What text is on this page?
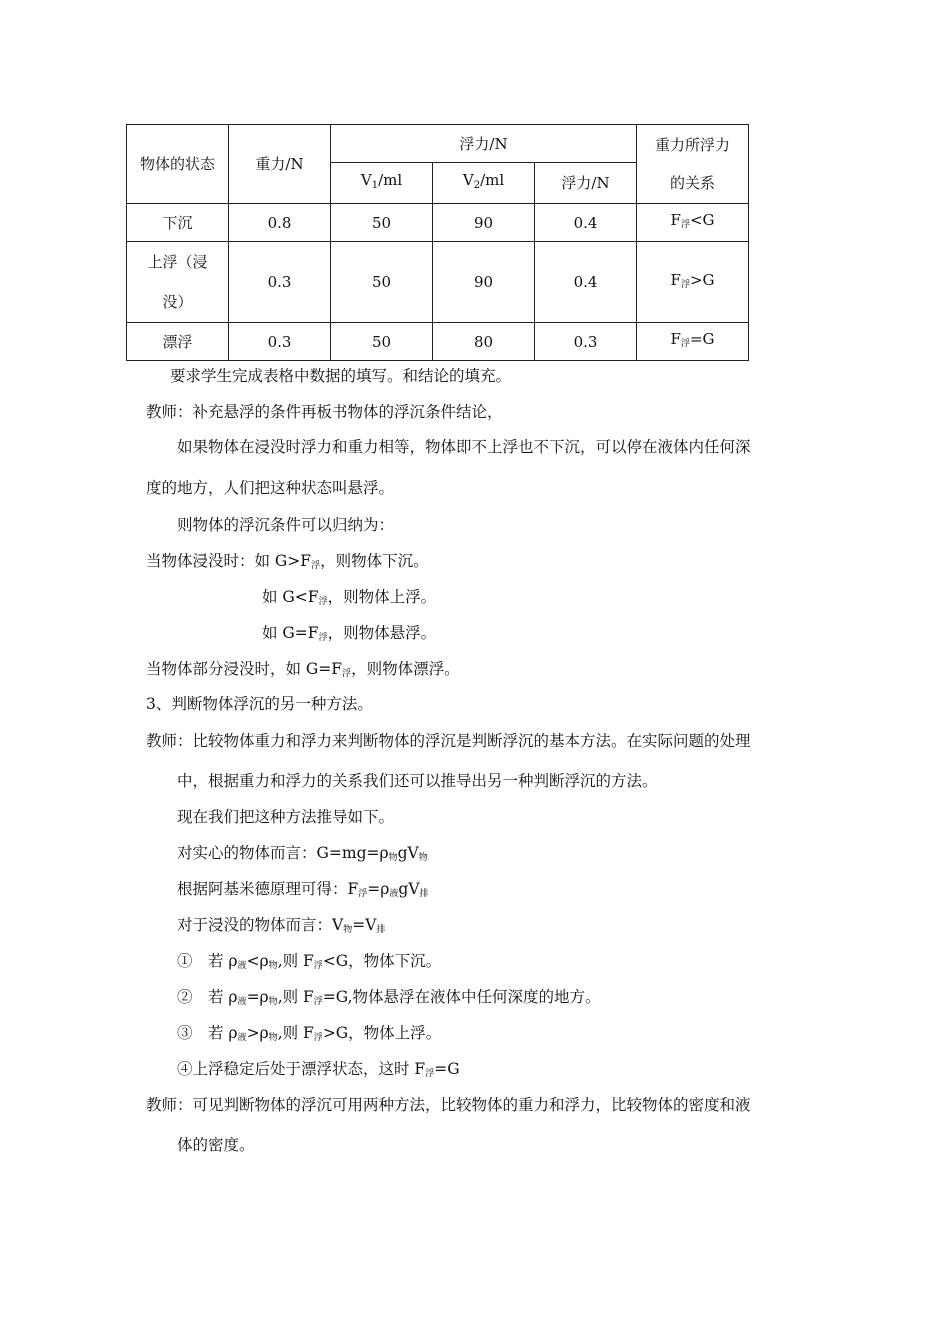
物体的状态	重力/N	浮力/N			重力所浮力
的关系

		$V_1/ml$	$V_2/ml$	浮力/N	
下沉	0.8	50	90	0.4	F浮<G

上浮（浸
没）	0.3	50	90	0.4	F浮>G
漂浮	0.3	50	80	0.3	F浮=G
要求学生完成表格中数据的填写。和结论的填充。
教师：补充悬浮的条件再板书物体的浮沉条件结论，
如果物体在浸没时浮力和重力相等，物体即不上浮也不下沉，可以停在液体内任何深
度的地方，人们把这种状态叫悬浮。
则物体的浮沉条件可以归纳为：
当物体浸没时：如 G>F浮，则物体下沉。
如 G<F浮，则物体上浮。
如 G=F浮，则物体悬浮。
当物体部分浸没时，如 G=F浮，则物体漂浮。
3、判断物体浮沉的另一种方法。
教师：比较物体重力和浮力来判断物体的浮沉是判断浮沉的基本方法。在实际问题的处理
中，根据重力和浮力的关系我们还可以推导出另一种判断浮沉的方法。
现在我们把这种方法推导如下。
对实心的物体而言：G=mg=ρ物gV物
根据阿基米德原理可得：F浮=ρ液gV排
对于浸没的物体而言：V物=V排
①　若 ρ液<ρ物,则 F浮<G，物体下沉。
②　若 ρ液=ρ物,则 F浮=G,物体悬浮在液体中任何深度的地方。
③　若 ρ液>ρ物,则 F浮>G，物体上浮。
④上浮稳定后处于漂浮状态，这时 F浮=G
教师：可见判断物体的浮沉可用两种方法，比较物体的重力和浮力，比较物体的密度和液
体的密度。
